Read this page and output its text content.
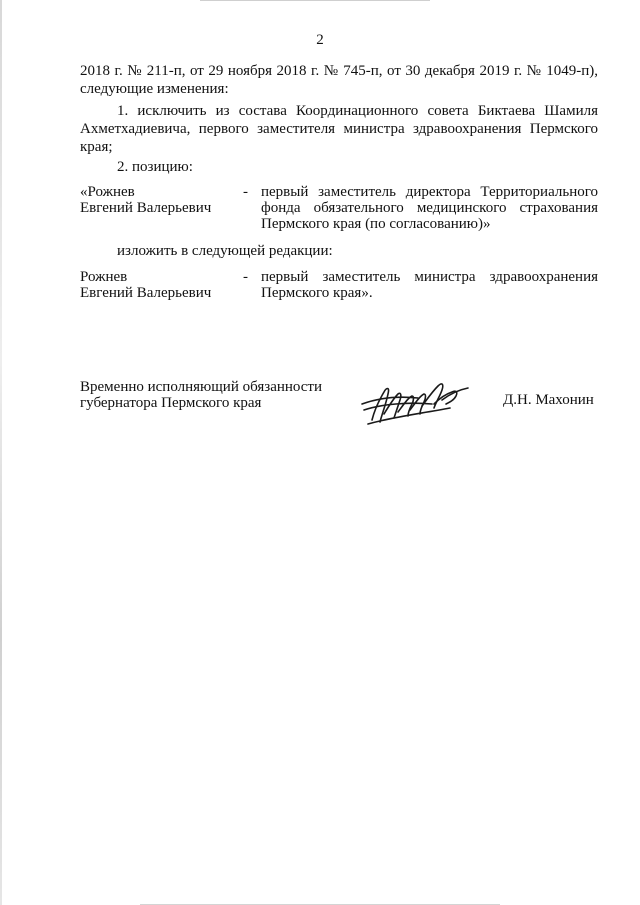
2
2018 г. № 211-п, от 29 ноября 2018 г. № 745-п, от 30 декабря 2019 г. № 1049-п),
следующие изменения:
1. исключить из состава Координационного совета Биктаева Шамиля
Ахметхадиевича, первого заместителя министра здравоохранения Пермского
края;
2. позицию:
«Рожнев
Евгений Валерьевич
- первый заместитель директора Территориального
фонда обязательного медицинского страхования
Пермского края (по согласованию)»
изложить в следующей редакции:
Рожнев
Евгений Валерьевич
- первый заместитель министра здравоохранения
Пермского края».
Временно исполняющий обязанности
губернатора Пермского края	Д.Н. Махонин
